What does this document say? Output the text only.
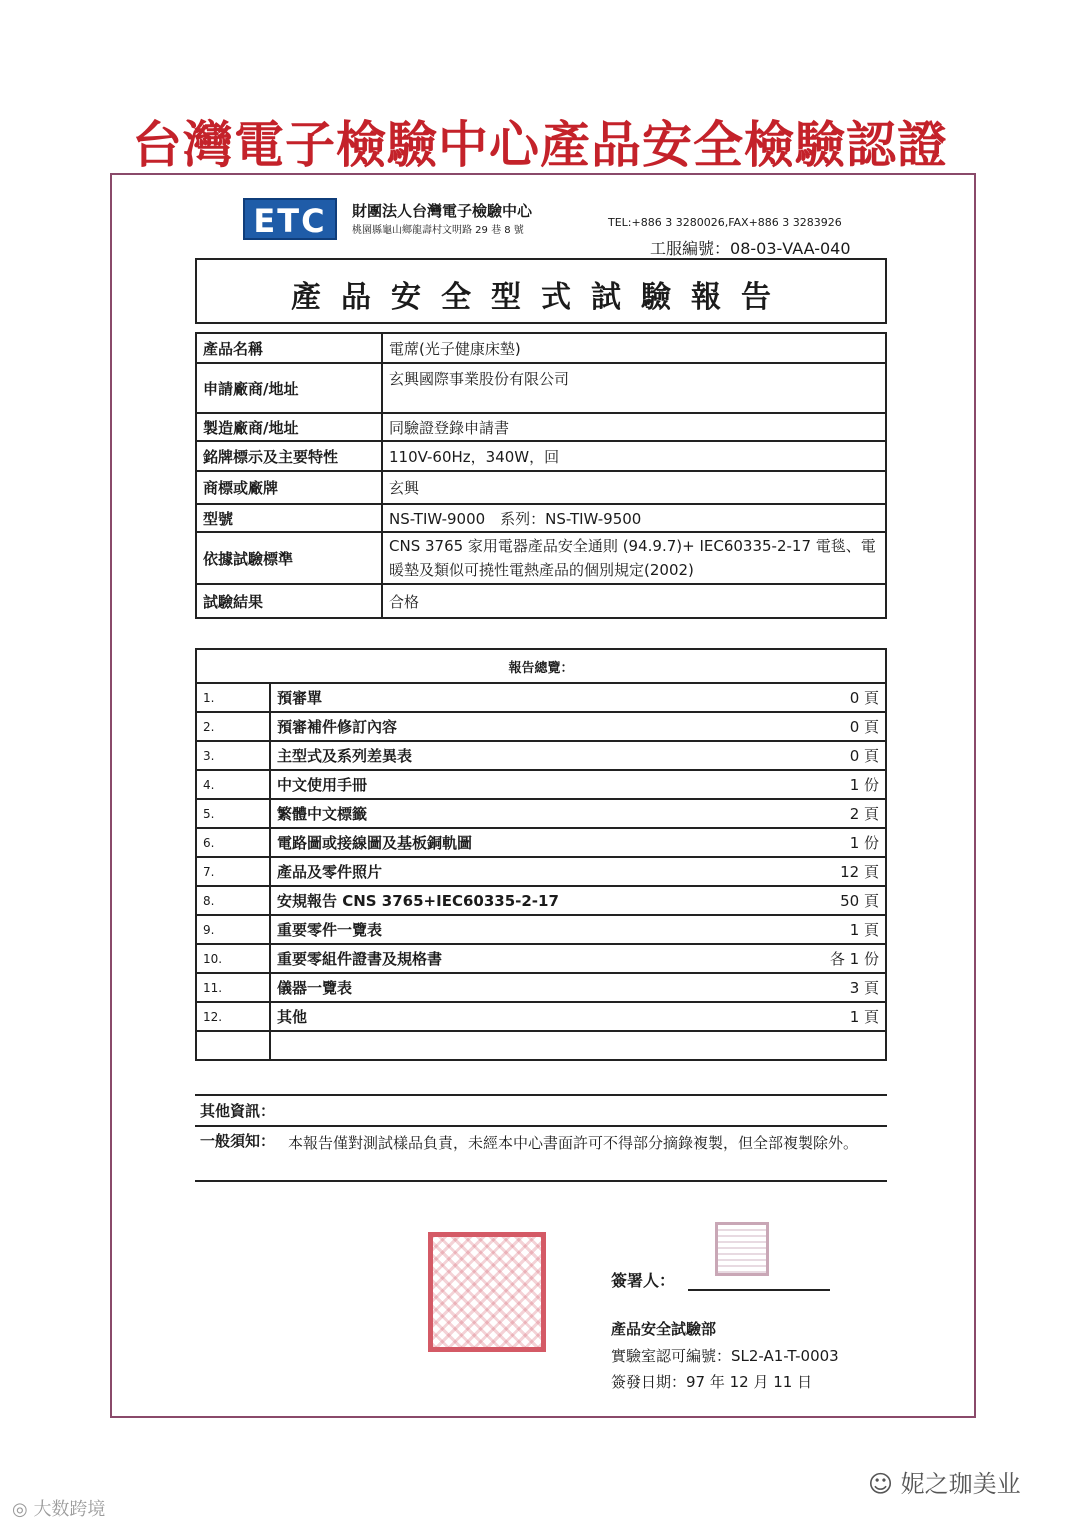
台灣電子檢驗中心產品安全檢驗認證
ETC	財團法人台灣電子檢驗中心
桃園縣龜山鄉龍壽村文明路 29 巷 8 號
TEL:+886 3 3280026,FAX+886 3 3283926
工服編號：08-03-VAA-040
產品安全型式試驗報告
產品名稱	電蓆(光子健康床墊)
申請廠商/地址	玄興國際事業股份有限公司
製造廠商/地址	同驗證登錄申請書
銘牌標示及主要特性	110V-60Hz，340W，回
商標或廠牌	玄興
型號	NS-TIW-9000　系列：NS-TIW-9500
依據試驗標準	CNS 3765 家用電器產品安全通則 (94.9.7)+ IEC60335-2-17 電毯、電暖墊及類似可撓性電熱產品的個別規定(2002)
試驗結果	合格
報告總覽：		
1.	預審單	0 頁
2.	預審補件修訂內容	0 頁
3.	主型式及系列差異表	0 頁
4.	中文使用手冊	1 份
5.	繁體中文標籤	2 頁
6.	電路圖或接線圖及基板銅軌圖	1 份
7.	產品及零件照片	12 頁
8.	安規報告 CNS 3765+IEC60335-2-17	50 頁
9.	重要零件一覽表	1 頁
10.	重要零組件證書及規格書	各 1 份
11.	儀器一覽表	3 頁
12.	其他	1 頁

其他資訊：
一般須知： 本報告僅對測試樣品負責，未經本中心書面許可不得部分摘錄複製，但全部複製除外。
簽署人：
產品安全試驗部
實驗室認可編號：SL2-A1-T-0003
簽發日期：97 年 12 月 11 日
☺ 妮之珈美业
◎ 大数跨境
